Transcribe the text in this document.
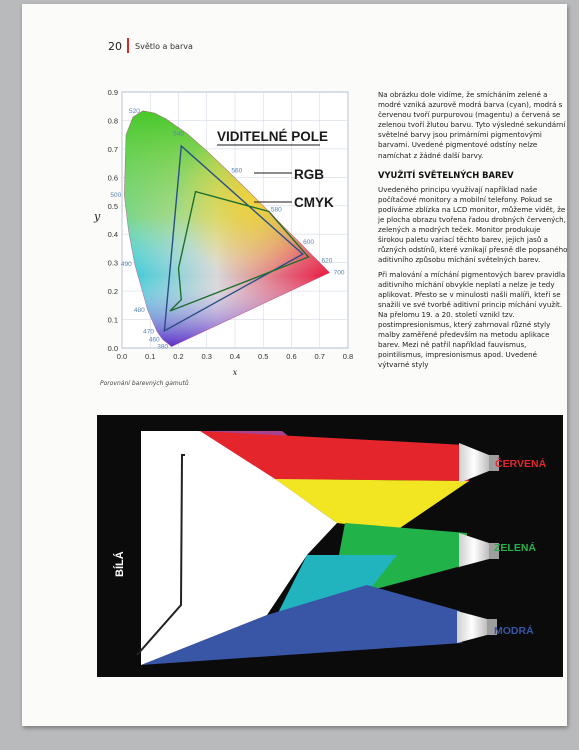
20 Světlo a barva
380
460
470
480
490
500
520
540
560
580
600
620
700
0.0 0.1 0.2 0.3 0.4 0.5 0.6 0.7 0.8
0.0
0.1
0.2
0.3
0.4
0.5
0.6
0.7
0.8
0.9
y
x
VIDITELNÉ POLE
RGB
CMYK
Porovnání barevných gamutů

Na obrázku dole vidíme, že smícháním zelené a modré vzniká azurově modrá barva (cyan), modrá s červenou tvoří purpurovou (magentu) a červená se zelenou tvoří žlutou barvu. Tyto výsledné sekundární světelné barvy jsou primárními pigmentovými barvami. Uvedené pigmentové odstíny nelze namíchat z žádné další barvy.

VYUŽITÍ SVĚTELNÝCH BAREV

Uvedeného principu využívají například naše počítačové monitory a mobilní telefony. Pokud se podíváme zblízka na LCD monitor, můžeme vidět, že je plocha obrazu tvořena řadou drobných červených, zelených a modrých teček. Monitor produkuje širokou paletu variací těchto barev, jejich jasů a různých odstínů, které vznikají přesně dle popsaného aditivního způsobu míchání světelných barev.

Při malování a míchání pigmentových barev pravidla aditivního míchání obvykle neplatí a nelze je tedy aplikovat. Přesto se v minulosti našli malíři, kteří se snažili ve své tvorbě aditivní princip míchání využít. Na přelomu 19. a 20. století vznikl tzv. postimpresionismus, který zahrnoval různé styly malby zaměřené především na metodu aplikace barev. Mezi ně patřil například fauvismus, pointilismus, impresionismus apod. Uvedené výtvarné styly

BÍLÁ
ČERVENÁ
ZELENÁ
MODRÁ
